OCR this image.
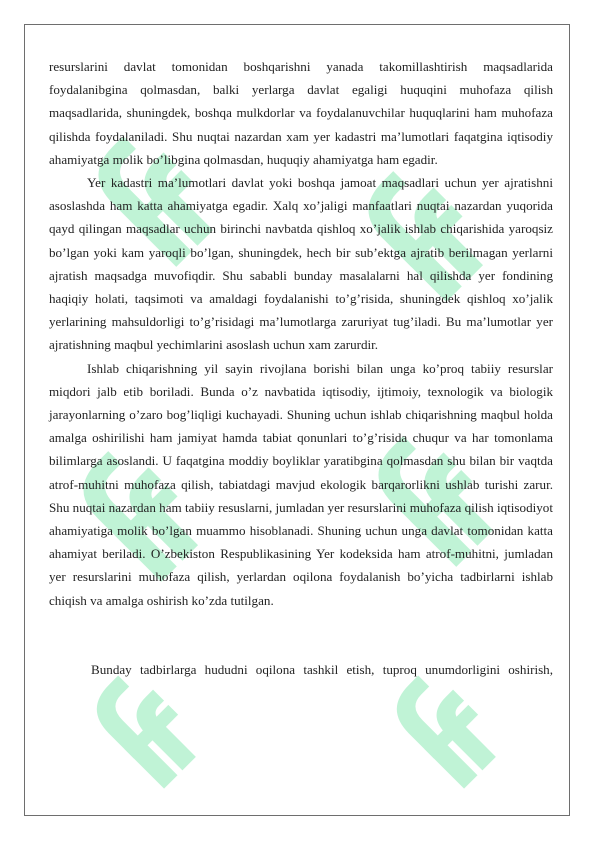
resurslarini davlat tomonidan boshqarishni yanada takomillashtirish maqsadlarida foydalanibgina qolmasdan, balki yerlarga davlat egaligi huquqini muhofaza qilish maqsadlarida, shuningdek, boshqa mulkdorlar va foydalanuvchilar huquqlarini ham muhofaza qilishda foydalaniladi. Shu nuqtai nazardan xam yer kadastri ma’lumotlari faqatgina iqtisodiy ahamiyatga molik bo’libgina qolmasdan, huquqiy ahamiyatga ham egadir.

Yer kadastri ma’lumotlari davlat yoki boshqa jamoat maqsadlari uchun yer ajratishni asoslashda ham katta ahamiyatga egadir. Xalq xo’jaligi manfaatlari nuqtai nazardan yuqorida qayd qilingan maqsadlar uchun birinchi navbatda qishloq xo’jalik ishlab chiqarishida yaroqsiz bo’lgan yoki kam yaroqli bo’lgan, shuningdek, hech bir sub’ektga ajratib berilmagan yerlarni ajratish maqsadga muvofiqdir. Shu sababli bunday masalalarni hal qilishda yer fondining haqiqiy holati, taqsimoti va amaldagi foydalanishi to’g’risida, shuningdek qishloq xo’jalik yerlarining mahsuldorligi to’g’risidagi ma’lumotlarga zaruriyat tug’iladi. Bu ma’lumotlar yer ajratishning maqbul yechimlarini asoslash uchun xam zarurdir.

Ishlab chiqarishning yil sayin rivojlana borishi bilan unga ko’proq tabiiy resurslar miqdori jalb etib boriladi. Bunda o’z navbatida iqtisodiy, ijtimoiy, texnologik va biologik jarayonlarning o’zaro bog’liqligi kuchayadi. Shuning uchun ishlab chiqarishning maqbul holda amalga oshirilishi ham jamiyat hamda tabiat qonunlari to’g’risida chuqur va har tomonlama bilimlarga asoslandi. U faqatgina moddiy boyliklar yaratibgina qolmasdan shu bilan bir vaqtda atrof-muhitni muhofaza qilish, tabiatdagi mavjud ekologik barqarorlikni ushlab turishi zarur. Shu nuqtai nazardan ham tabiiy resuslarni, jumladan yer resurslarini muhofaza qilish iqtisodiyot ahamiyatiga molik bo’lgan muammo hisoblanadi. Shuning uchun unga davlat tomonidan katta ahamiyat beriladi. O’zbekiston Respublikasining Yer kodeksida ham atrof-muhitni, jumladan yer resurslarini muhofaza qilish, yerlardan oqilona foydalanish bo’yicha tadbirlarni ishlab chiqish va amalga oshirish ko’zda tutilgan.

Bunday tadbirlarga hududni oqilona tashkil etish, tuproq unumdorligini oshirish,
